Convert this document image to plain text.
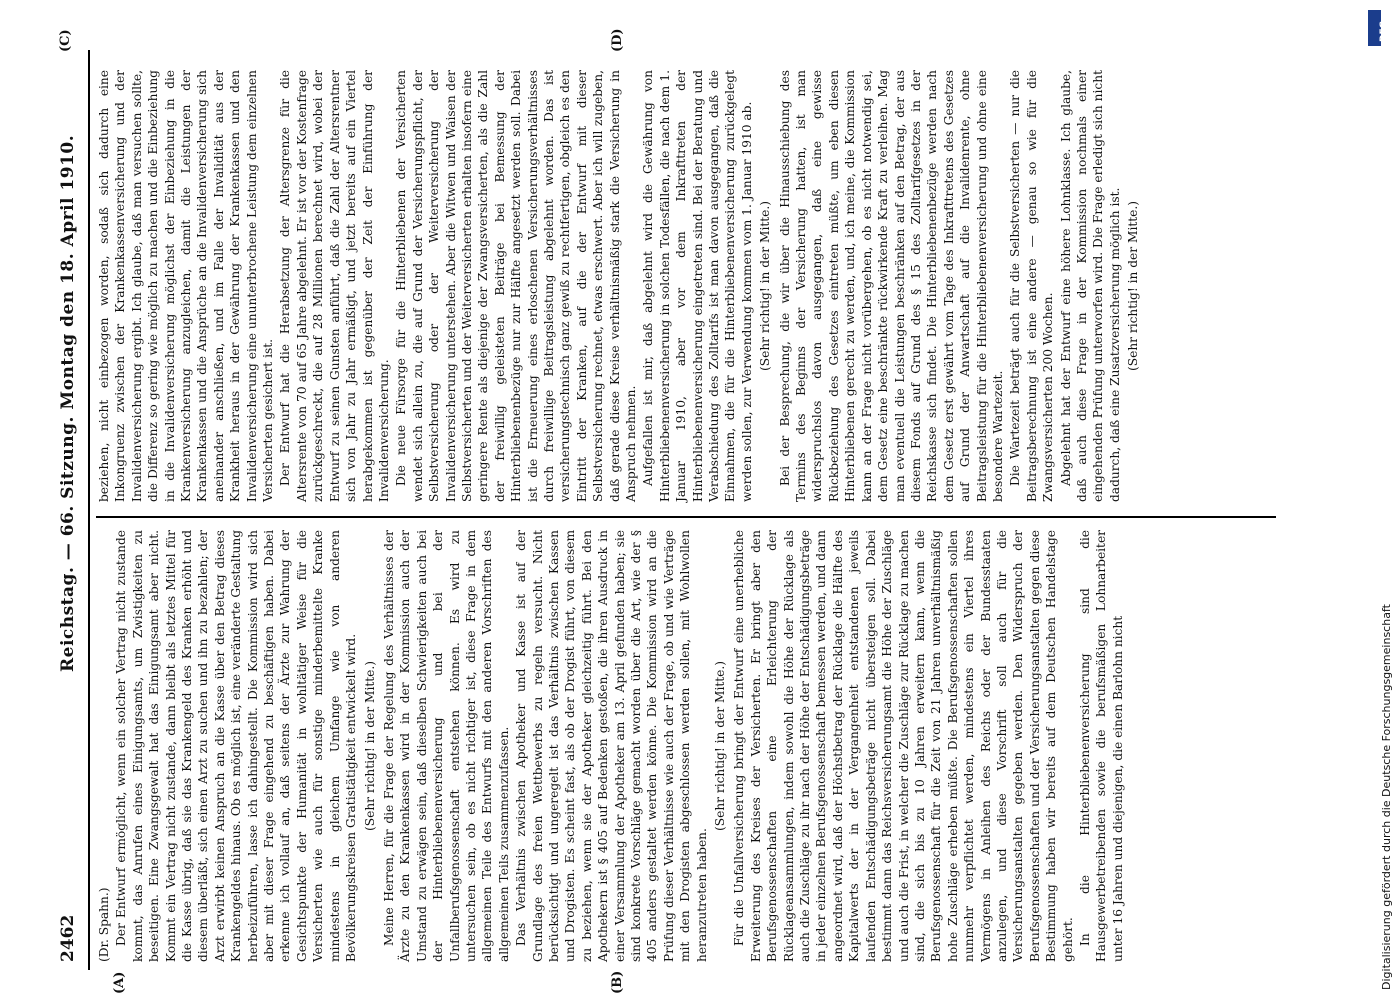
2462
Reichstag. — 66. Sitzung. Montag den 18. April 1910.
(A)	(B)
(C)	(D)

(Dr. Spahn.) Der Entwurf ermöglicht, wenn ein solcher Vertrag nicht zustande kommt, das Anrufen eines Einigungsamts, um Zwistigkeiten zu beseitigen. Eine Zwangsgewalt hat das Einigungsamt aber nicht. Kommt ein Vertrag nicht zustande, dann bleibt als letztes Mittel für die Kasse übrig, daß sie das Krankengeld des Kranken erhöht und diesem überläßt, sich einen Arzt zu suchen und ihn zu bezahlen; der Arzt erwirbt keinen Anspruch an die Kasse über den Betrag dieses Krankengeldes hinaus. Ob es möglich ist, eine veränderte Gestaltung herbeizuführen, lasse ich dahingestellt. Die Kommission wird sich aber mit dieser Frage eingehend zu beschäftigen haben. Dabei erkenne ich vollauf an, daß seitens der Ärzte zur Wahrung der Gesichtspunkte der Humanität in wohltätiger Weise für die Versicherten wie auch für sonstige minderbemittelte Kranke mindestens in gleichem Umfange wie von anderen Bevölkerungskreisen Gratistätigkeit entwickelt wird. (Sehr richtig! in der Mitte.) Meine Herren, für die Frage der Regelung des Verhältnisses der Ärzte zu den Krankenkassen wird in der Kommission auch der Umstand zu erwägen sein, daß dieselben Schwierigkeiten auch bei der Hinterbliebenenversicherung und bei der Unfallberufsgenossenschaft entstehen können. Es wird zu untersuchen sein, ob es nicht richtiger ist, diese Frage in dem allgemeinen Teile des Entwurfs mit den anderen Vorschriften des allgemeinen Teils zusammenzufassen. Das Verhältnis zwischen Apotheker und Kasse ist auf der Grundlage des freien Wettbewerbs zu regeln versucht. Nicht berücksichtigt und ungeregelt ist das Verhältnis zwischen Kassen und Drogisten. Es scheint fast, als ob der Drogist führt, von diesem zu beziehen, wenn sie der Apotheker gleichzeitig führt. Bei den Apothekern ist § 405 auf Bedenken gestoßen, die ihren Ausdruck in einer Versammlung der Apotheker am 13. April gefunden haben; sie sind konkrete Vorschläge gemacht worden über die Art, wie der § 405 anders gestaltet werden könne. Die Kommission wird an die Prüfung dieser Verhältnisse wie auch der Frage, ob und wie Verträge mit den Drogisten abgeschlossen werden sollen, mit Wohlwollen heranzutreten haben.

(Sehr richtig! in der Mitte.) Für die Unfallversicherung bringt der Entwurf eine unerhebliche Erweiterung des Kreises der Versicherten. Er bringt aber den Berufsgenossenschaften eine Erleichterung der Rücklageansammlungen, indem sowohl die Höhe der Rücklage als auch die Zuschläge zu ihr nach der Höhe der Entschädigungsbeträge in jeder einzelnen Berufsgenossenschaft bemessen werden, und dann angeordnet wird, daß der Höchstbetrag der Rücklage die Hälfte des Kapitalwerts der in der Vergangenheit entstandenen jeweils laufenden Entschädigungsbeträge nicht übersteigen soll. Dabei bestimmt dann das Reichsversicherungsamt die Höhe der Zuschläge und auch die Frist, in welcher die Zuschläge zur Rücklage zu machen sind, die sich bis zu 10 Jahren erweitern kann, wenn die Berufsgenossenschaft für die Zeit von 21 Jahren unverhältnismäßig hohe Zuschläge erheben müßte. Die Berufsgenossenschaften sollen nunmehr verpflichtet werden, mindestens ein Viertel ihres Vermögens in Anleihen des Reichs oder der Bundesstaaten anzulegen, und diese Vorschrift soll auch für die Versicherungsanstalten gegeben werden. Den Widerspruch der Berufsgenossenschaften und der Versicherungsanstalten gegen diese Bestimmung haben wir bereits auf dem Deutschen Handelstage gehört. In die Hinterbliebenenversicherung sind die Hausgewerbetreibenden sowie die berufsmäßigen Lohnarbeiter unter 16 Jahren und diejenigen, die einen Barlohn nicht

beziehen, nicht einbezogen worden, sodaß sich dadurch eine Inkongruenz zwischen der Krankenkassenversicherung und der Invalidenversicherung ergibt. Ich glaube, daß man versuchen sollte, die Differenz so gering wie möglich zu machen und die Einbeziehung in die Invalidenversicherung möglichst der Einbeziehung in die Krankenversicherung anzugleichen, damit die Leistungen der Krankenkassen und die Ansprüche an die Invalidenversicherung sich aneinander anschließen, und im Falle der Invalidität aus der Krankheit heraus in der Gewährung der Krankenkassen und den Invalidenversicherung eine ununterbrochene Leistung dem einzelnen Versicherten gesichert ist. Der Entwurf hat die Herabsetzung der Altersgrenze für die Altersrente von 70 auf 65 Jahre abgelehnt. Er ist vor der Kostenfrage zurückgeschreckt, die auf 28 Millionen berechnet wird, wobei der Entwurf zu seinen Gunsten anführt, daß die Zahl der Altersrentner sich von Jahr zu Jahr ermäßigt, und jetzt bereits auf ein Viertel herabgekommen ist gegenüber der Zeit der Einführung der Invalidenversicherung. Die neue Fürsorge für die Hinterbliebenen der Versicherten wendet sich allein zu, die auf Grund der Versicherungspflicht, der Selbstversicherung oder der Weiterversicherung der Invalidenversicherung unterstehen. Aber die Witwen und Waisen der Selbstversicherten und der Weiterversicherten erhalten insofern eine geringere Rente als diejenige der Zwangsversicherten, als die Zahl der freiwillig geleisteten Beiträge bei Bemessung der Hinterbliebenenbezüge nur zur Hälfte angesetzt werden soll. Dabei ist die Erneuerung eines erloschenen Versicherungsverhältnisses durch freiwillige Beitragsleistung abgelehnt worden. Das ist versicherungstechnisch ganz gewiß zu rechtfertigen, obgleich es den Eintritt der Kranken, auf die der Entwurf mit dieser Selbstversicherung rechnet, etwas erschwert. Aber ich will zugeben, daß gerade diese Kreise verhältnismäßig stark die Versicherung in Anspruch nehmen. Aufgefallen ist mir, daß abgelehnt wird die Gewährung von Hinterbliebenenversicherung in solchen Todesfällen, die nach dem 1. Januar 1910, aber vor dem Inkrafttreten der Hinterbliebenenversicherung eingetreten sind. Bei der Beratung und Verabschiedung des Zolltarifs ist man davon ausgegangen, daß die Einnahmen, die für die Hinterbliebenenversicherung zurückgelegt werden sollen, zur Verwendung kommen vom 1. Januar 1910 ab. (Sehr richtig! in der Mitte.) Bei der Besprechung, die wir über die Hinausschiebung des Termins des Beginns der Versicherung hatten, ist man widerspruchslos davon ausgegangen, daß eine gewisse Rückbeziehung des Gesetzes eintreten müßte, um eben diesen Hinterbliebenen gerecht zu werden, und, ich meine, die Kommission kann an der Frage nicht vorübergehen, ob es nicht notwendig sei, dem Gesetz eine beschränkte rückwirkende Kraft zu verleihen. Mag man eventuell die Leistungen beschränken auf den Betrag, der aus diesem Fonds auf Grund des § 15 des Zolltarifgesetzes in der Reichskasse sich findet. Die Hinterbliebenenbezüge werden nach dem Gesetz erst gewährt vom Tage des Inkrafttretens des Gesetzes auf Grund der Anwartschaft auf die Invalidenrente, ohne Beitragsleistung für die Hinterbliebenenversicherung und ohne eine besondere Wartezeit. Die Wartezeit beträgt auch für die Selbstversicherten — nur die Beitragsberechnung ist eine andere — genau so wie für die Zwangsversicherten 200 Wochen. Abgelehnt hat der Entwurf eine höhere Lohnklasse. Ich glaube, daß auch diese Frage in der Kommission nochmals einer eingehenden Prüfung unterworfen wird. Die Frage erledigt sich nicht dadurch, daß eine Zusatzversicherung möglich ist. (Sehr richtig! in der Mitte.)

Digitalisierung gefördert durch die Deutsche Forschungsgemeinschaft
DFG
